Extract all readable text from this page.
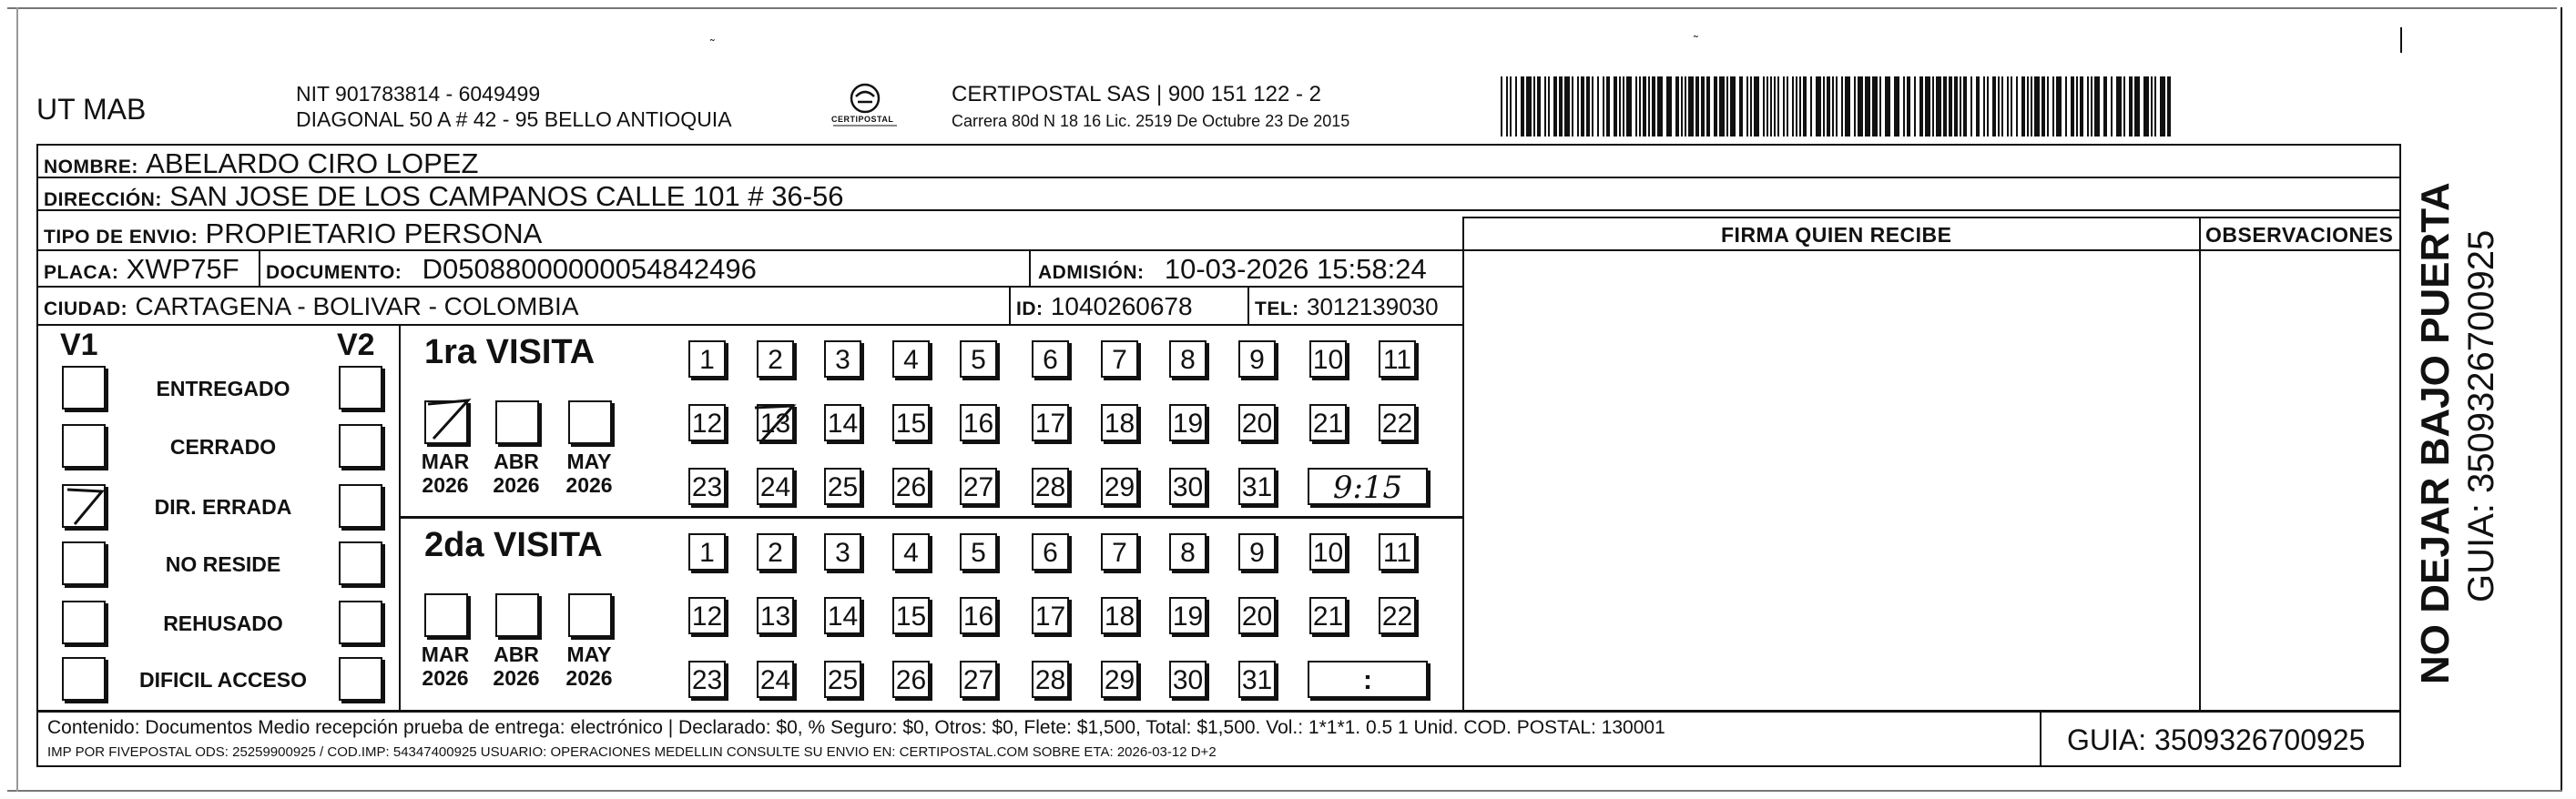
UT MAB	NIT 901783814 - 6049499
DIAGONAL 50 A # 42 - 95 BELLO ANTIOQUIA	CERTIPOSTAL
CERTIPOSTAL SAS | 900 151 122 - 2
Carrera 80d N 18 16 Lic. 2519 De Octubre 23 De 2015
NOMBRE: ABELARDO CIRO LOPEZ
DIRECCIÓN: SAN JOSE DE LOS CAMPANOS CALLE 101 # 36-56
TIPO DE ENVIO: PROPIETARIO PERSONA	FIRMA QUIEN RECIBE	OBSERVACIONES
PLACA: XWP75F DOCUMENTO: D05088000000054842496	ADMISIÓN: 10-03-2026 15:58:24
CIUDAD: CARTAGENA - BOLIVAR - COLOMBIA	ID: 1040260678	TEL: 3012139030
V1	V2
ENTREGADO
CERRADO
DIR. ERRADA
NO RESIDE
REHUSADO
DIFICIL ACCESO
1ra VISITA
2da VISITA
MAR
2026
ABR
2026
MAY
2026
1	2	3	4	5	6	7	8	9	10 11
12 13 14 15 16 17 18 19 20 21 22
23 24 25 26 27 28 29 30 31	9:15
MAR
2026
ABR
2026
MAY
2026
1	2	3	4	5	6	7	8	9	10 11
12 13 14 15 16 17 18 19 20 21 22
23 24 25 26 27 28 29 30 31	:
Contenido: Documentos Medio recepción prueba de entrega: electrónico | Declarado: $0, % Seguro: $0, Otros: $0, Flete: $1,500, Total: $1,500. Vol.: 1*1*1. 0.5 1 Unid. COD. POSTAL: 130001
IMP POR FIVEPOSTAL ODS: 25259900925 / COD.IMP: 54347400925 USUARIO: OPERACIONES MEDELLIN CONSULTE SU ENVIO EN: CERTIPOSTAL.COM SOBRE ETA: 2026-03-12 D+2	GUIA: 3509326700925
NO DEJAR BAJO PUERTA GUIA: 3509326700925
˜	˜
